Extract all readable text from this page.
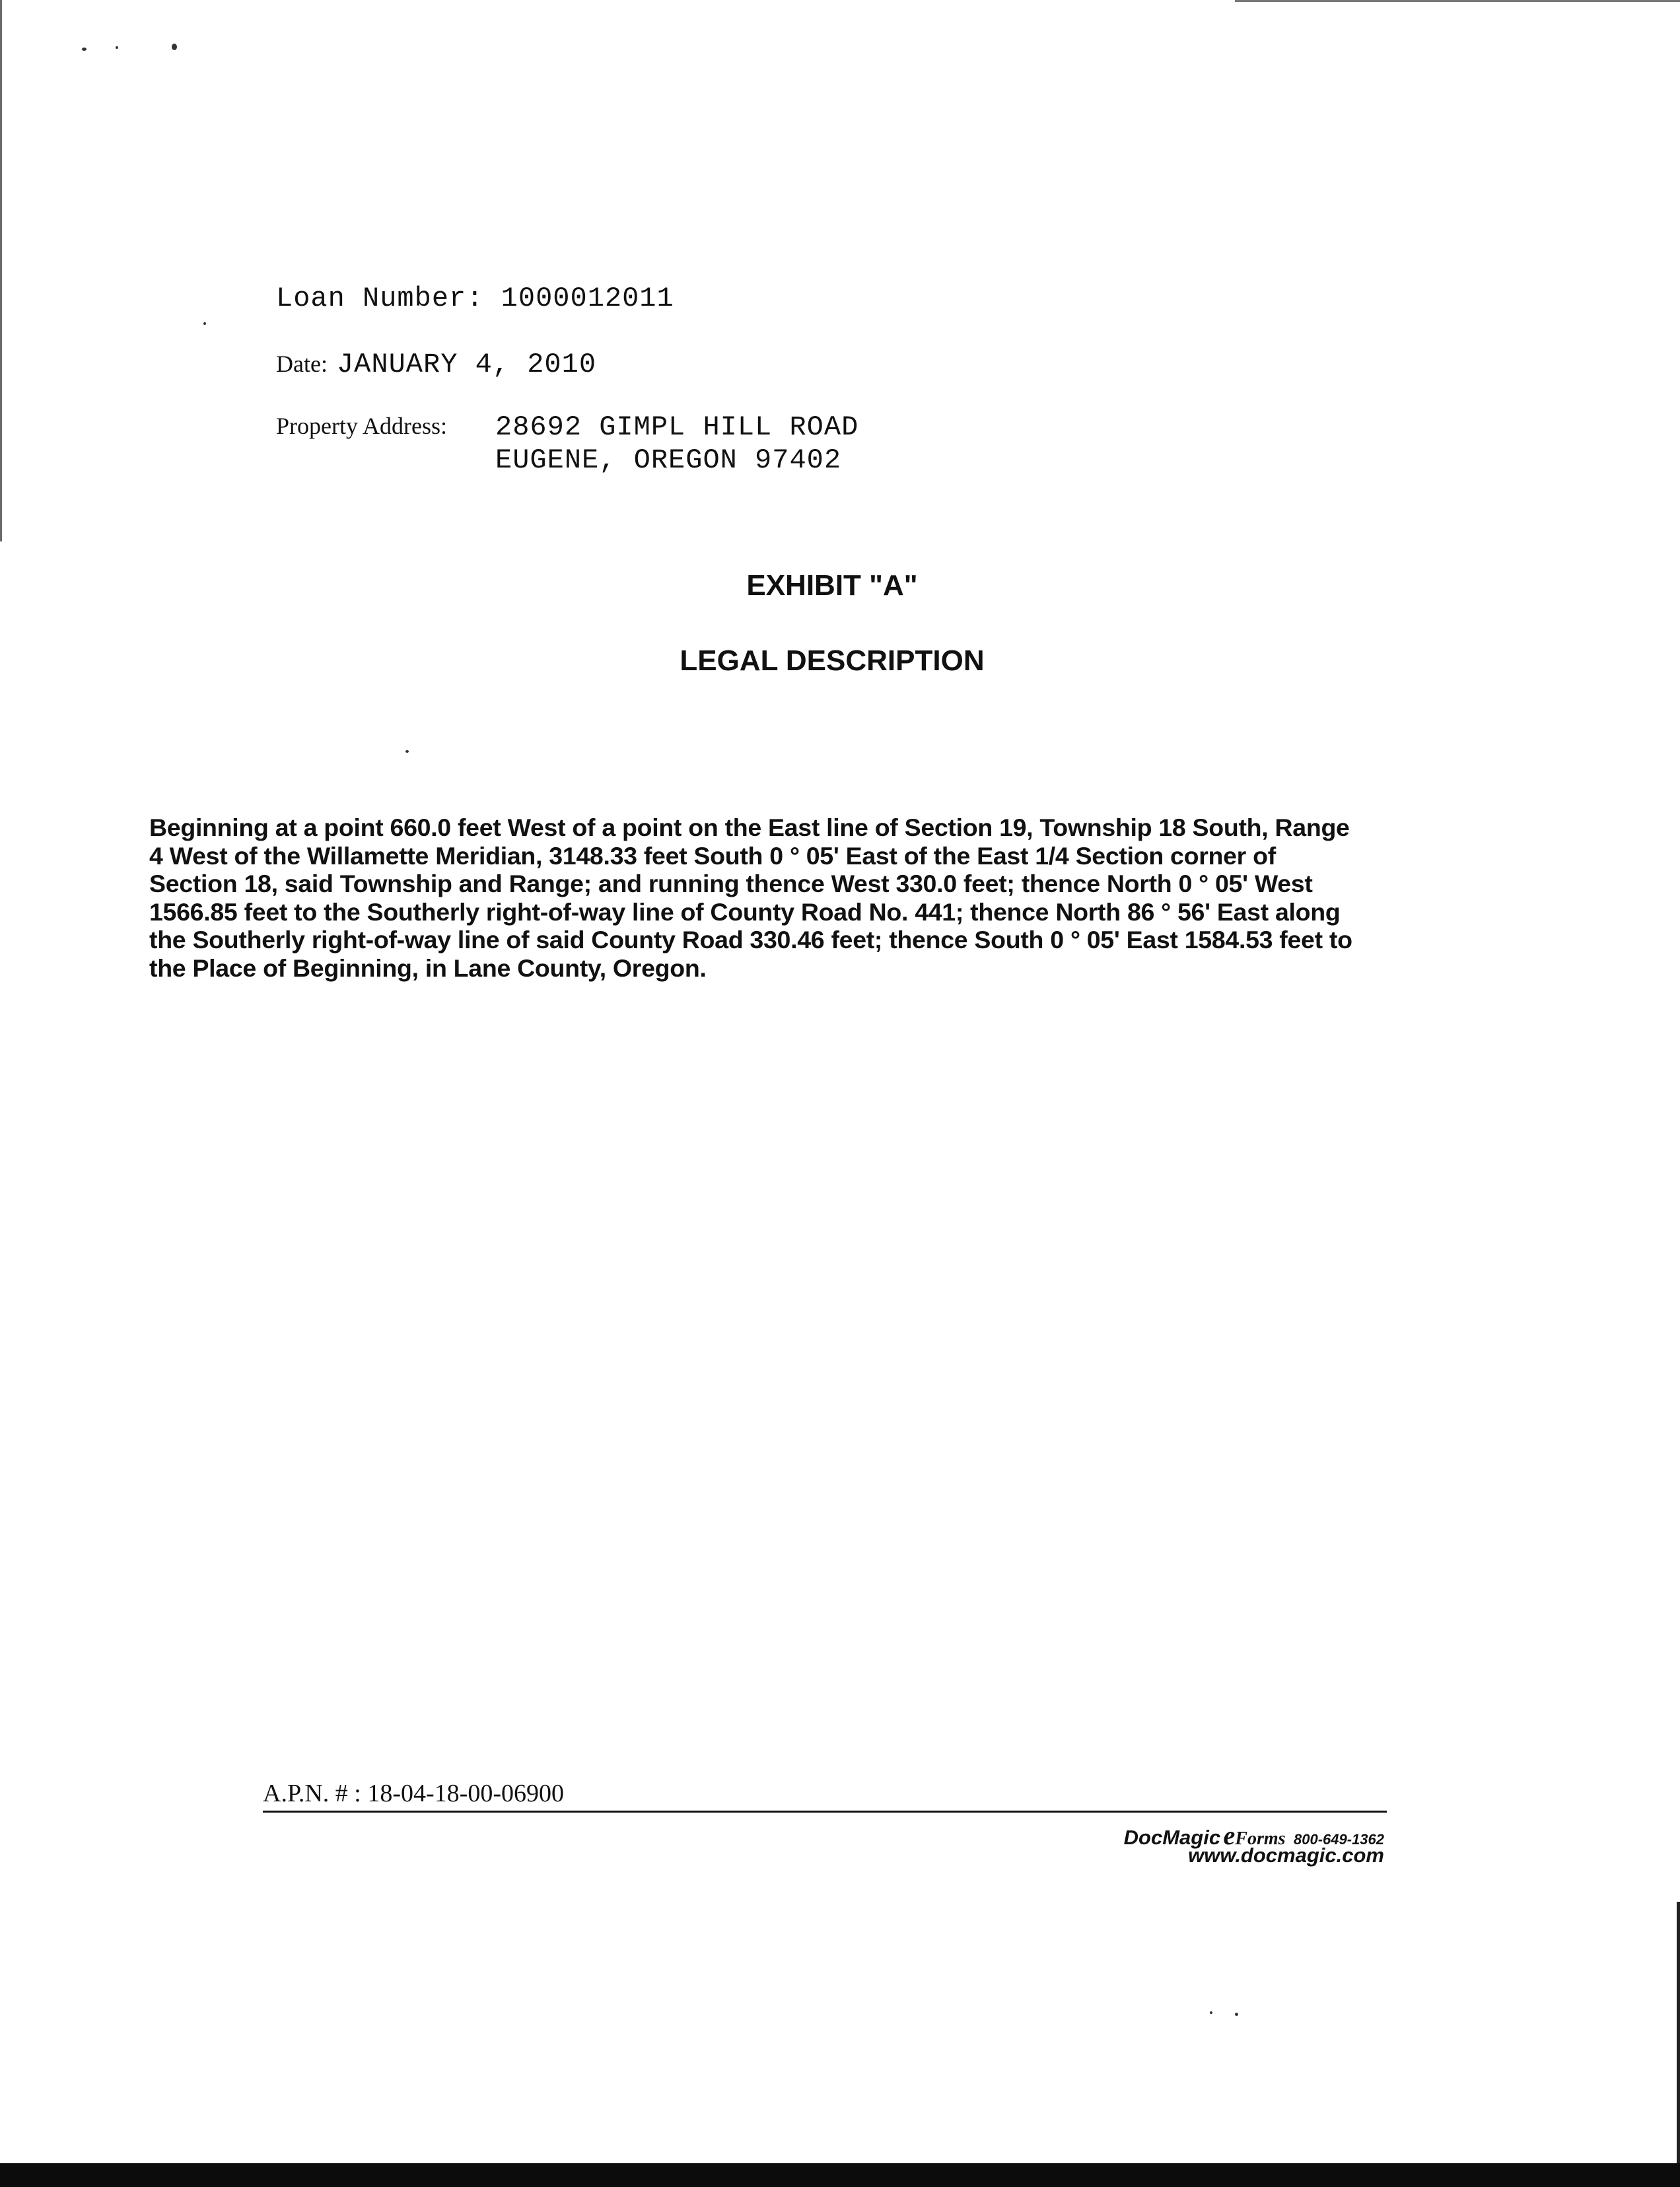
Loan Number: 1000012011
Date: JANUARY 4, 2010
Property Address: 28692 GIMPL HILL ROAD
EUGENE, OREGON 97402
EXHIBIT "A"
LEGAL DESCRIPTION
Beginning at a point 660.0 feet West of a point on the East line of Section 19, Township 18 South, Range
4 West of the Willamette Meridian, 3148.33 feet South 0 ° 05' East of the East 1/4 Section corner of
Section 18, said Township and Range; and running thence West 330.0 feet; thence North 0 ° 05' West
1566.85 feet to the Southerly right-of-way line of County Road No. 441; thence North 86 ° 56' East along
the Southerly right-of-way line of said County Road 330.46 feet; thence South 0 ° 05' East 1584.53 feet to
the Place of Beginning, in Lane County, Oregon.
A.P.N. # : 18-04-18-00-06900
DocMagic eForms 800-649-1362
www.docmagic.com
